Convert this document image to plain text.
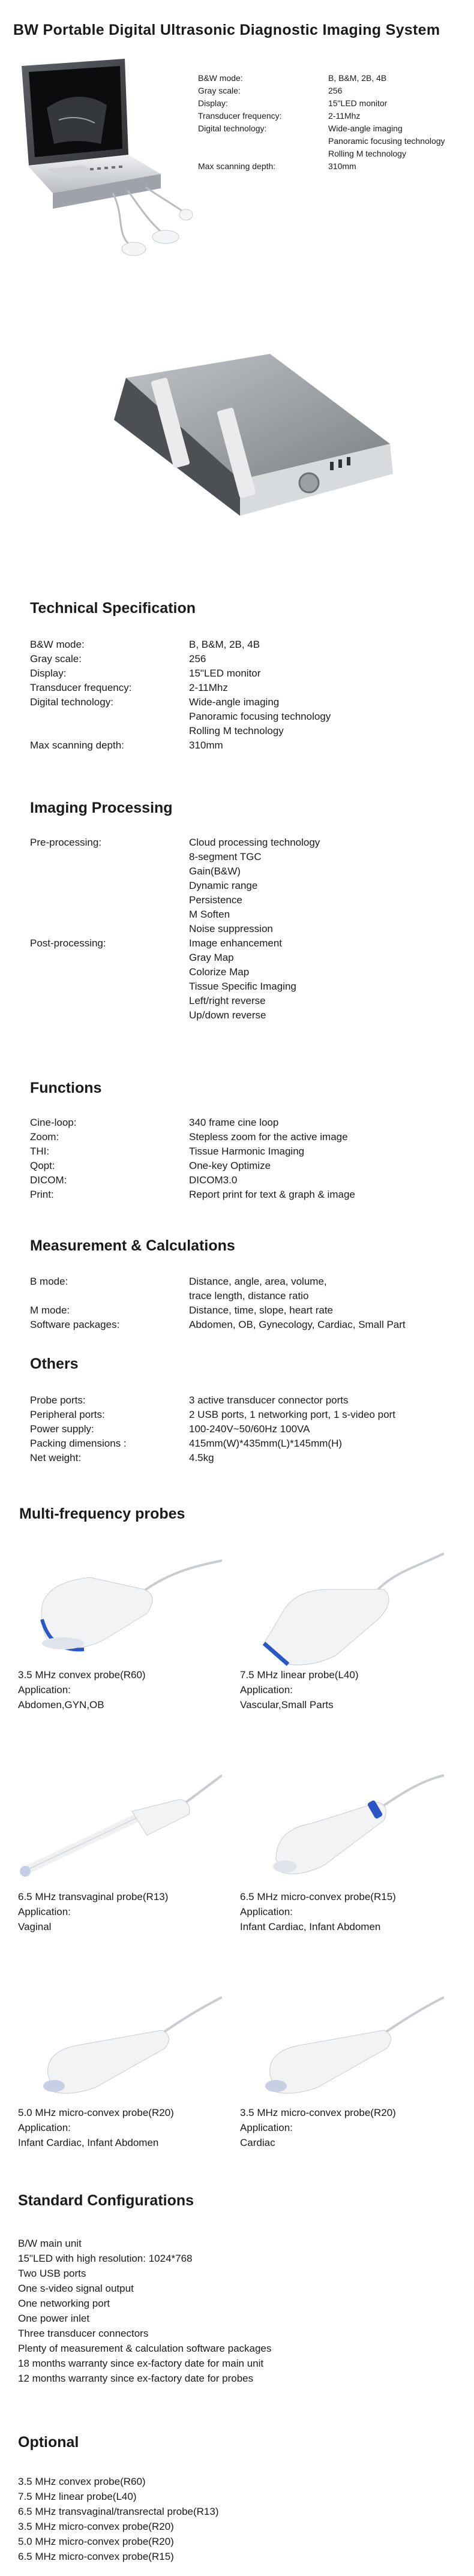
BW Portable Digital Ultrasonic Diagnostic Imaging System
B&W mode:	B, B&M, 2B, 4B
Gray scale:	256
Display:	15"LED monitor
Transducer frequency:	2-11Mhz
Digital technology:	Wide-angle imaging
Panoramic focusing technology
Rolling M technology
Max scanning depth:	310mm
Technical Specification
B&W mode:	B, B&M, 2B, 4B
Gray scale:	256
Display:	15"LED monitor
Transducer frequency:	2-11Mhz
Digital technology:	Wide-angle imaging
Panoramic focusing technology
Rolling M technology
Max scanning depth:	310mm
Imaging Processing
Pre-processing:	Cloud processing technology
8-segment TGC
Gain(B&W)
Dynamic range
Persistence
M Soften
Noise suppression
Post-processing:	Image enhancement
Gray Map
Colorize Map
Tissue Specific Imaging
Left/right reverse
Up/down reverse
Functions
Cine-loop:	340 frame cine loop
Zoom:	Stepless zoom for the active image
THI:	Tissue Harmonic Imaging
Qopt:	One-key Optimize
DICOM:	DICOM3.0
Print:	Report print for text & graph & image
Measurement & Calculations
B mode:	Distance, angle, area, volume,
trace length, distance ratio
M mode:	Distance, time, slope, heart rate
Software packages:	Abdomen, OB, Gynecology, Cardiac, Small Part
Others
Probe ports:	3 active transducer connector ports
Peripheral ports:	2 USB ports, 1 networking port, 1 s-video port
Power supply:	100-240V~50/60Hz 100VA
Packing dimensions :	415mm(W)*435mm(L)*145mm(H)
Net weight:	4.5kg
Multi-frequency probes
3.5 MHz convex probe(R60)
Application:
Abdomen,GYN,OB
7.5 MHz linear probe(L40)
Application:
Vascular,Small Parts
6.5 MHz transvaginal probe(R13)
Application:
Vaginal
6.5 MHz micro-convex probe(R15)
Application:
Infant Cardiac, Infant Abdomen
5.0 MHz micro-convex probe(R20)
Application:
Infant Cardiac, Infant Abdomen
3.5 MHz micro-convex probe(R20)
Application:
Cardiac
Standard Configurations
B/W main unit
15"LED with high resolution: 1024*768
Two USB ports
One s-video signal output
One networking port
One power inlet
Three transducer connectors
Plenty of measurement & calculation software packages
18 months warranty since ex-factory date for main unit
12 months warranty since ex-factory date for probes
Optional
3.5 MHz convex probe(R60)
7.5 MHz linear probe(L40)
6.5 MHz transvaginal/transrectal probe(R13)
3.5 MHz micro-convex probe(R20)
5.0 MHz micro-convex probe(R20)
6.5 MHz micro-convex probe(R15)
